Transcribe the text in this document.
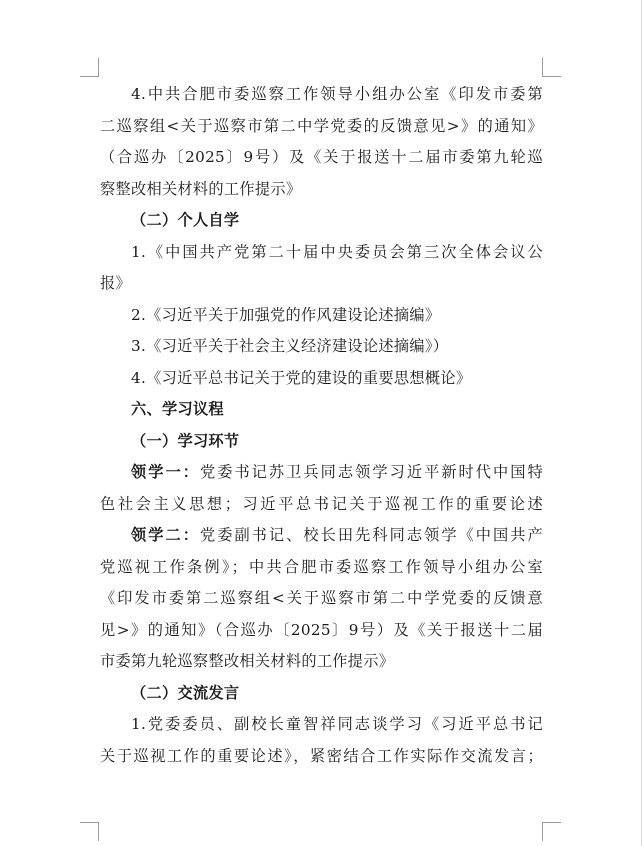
4.中共合肥市委巡察工作领导小组办公室《印发市委第
二巡察组<关于巡察市第二中学党委的反馈意见>》的通知》
（合巡办〔2025〕9号）及《关于报送十二届市委第九轮巡
察整改相关材料的工作提示》
（二）个人自学
1.《中国共产党第二十届中央委员会第三次全体会议公
报》
2.《习近平关于加强党的作风建设论述摘编》
3.《习近平关于社会主义经济建设论述摘编》）
4.《习近平总书记关于党的建设的重要思想概论》
六、学习议程
（一）学习环节
领学一：党委书记苏卫兵同志领学习近平新时代中国特
色社会主义思想；习近平总书记关于巡视工作的重要论述
领学二：党委副书记、校长田先科同志领学《中国共产
党巡视工作条例》；中共合肥市委巡察工作领导小组办公室
《印发市委第二巡察组<关于巡察市第二中学党委的反馈意
见>》的通知》（合巡办〔2025〕9号）及《关于报送十二届
市委第九轮巡察整改相关材料的工作提示》
（二）交流发言
1.党委委员、副校长童智祥同志谈学习《习近平总书记
关于巡视工作的重要论述》，紧密结合工作实际作交流发言；
